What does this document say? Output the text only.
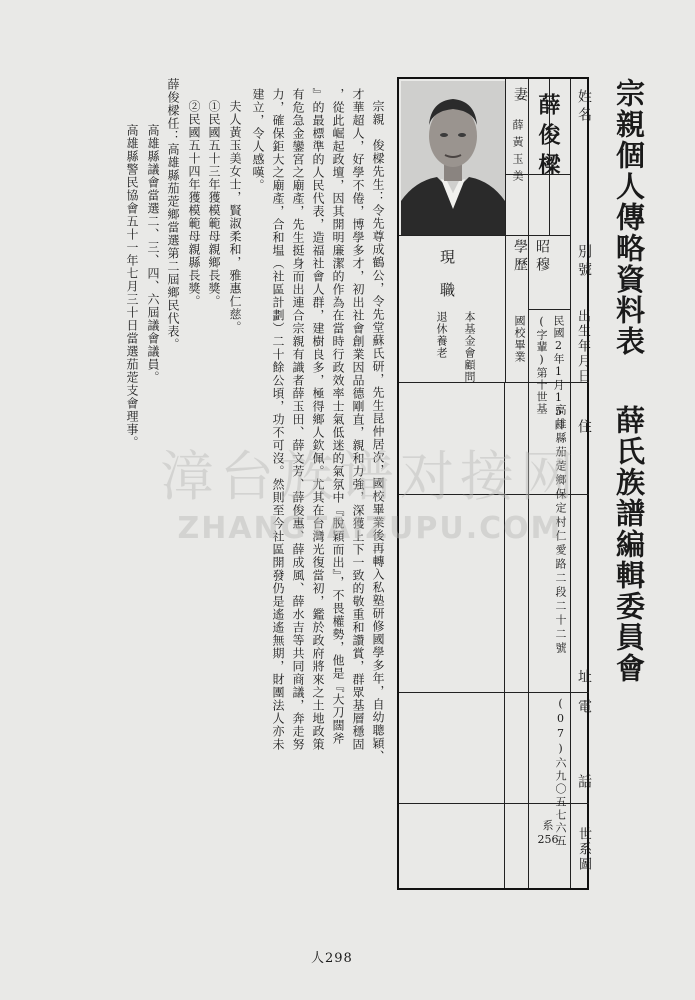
宗親個人傳略資料表
薛氏族譜編輯委員會
姓名
薛俊樑
妻
薛黃玉美
別號
昭穆
學歷
現職
出生年月日
民國2年1月15日
(字輩)第十世基
國校畢業
本基金會顧問
退休養老
住
址
高雄縣茄萣鄉保定村仁愛路二段二十二號
電
話
(07)六九〇五七六五
世系圖
系256
宗親　俊樑先生：令先尊成鶴公，令先堂蘇氏研，先生昆仲居次，國校畢業後再轉入私塾研修國學多年，自幼聰穎、
才華超人，好學不倦，博學多才，初出社會創業因品德剛直，親和力強，深獲上下一致的敬重和讚賞，群眾基層穩固
，從此崛起政壇，因其開明廉潔的作為在當時行政效率士氣低迷的氣氛中『脫穎而出』，不畏權勢，他是『大刀闊斧
』的最標準的人民代表，造福社會人群，建樹良多，極得鄉人欽佩。尤其在台灣光復當初，鑑於政府將來之土地政策
有危急金鑾宮之廟產，先生挺身而出連合宗親有識者薛玉田、薛文芳、薛俊惠、薛成風、薛水吉等共同商議，奔走努
力，確保鉅大之廟產，合和塭（社區計劃）二十餘公頃，功不可沒。然則至今社區開發仍是遙遙無期，財團法人亦未
建立，令人感嘆。
夫人黃玉美女士，賢淑柔和，雅惠仁慈。
①民國五十三年獲模範母親鄉長獎。
②民國五十四年獲模範母親縣長獎。
薛俊樑任：高雄縣茄萣鄉當選第二屆鄉民代表。
高雄縣議會當選二、三、四、六屆議會議員。
高雄縣警民協會五十一年七月三十日當選茄萣支會理事。
人298
漳台族谱对接网
ZHANGTAIZUPU.COM
